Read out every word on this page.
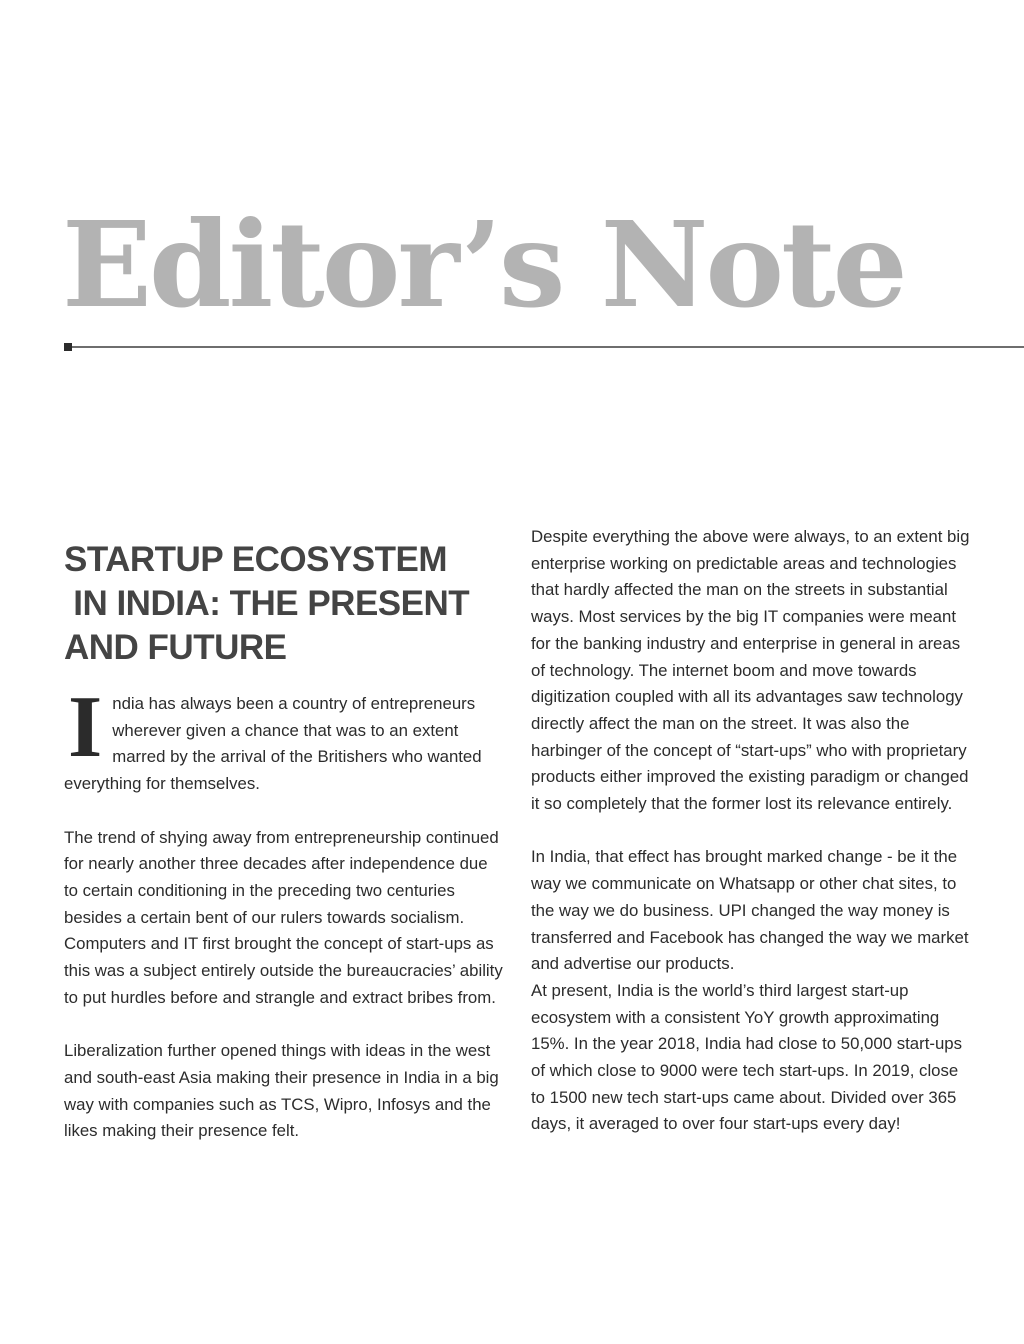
Editor’s Note
STARTUP ECOSYSTEM
IN INDIA: THE PRESENT
AND FUTURE

India has always been a country of entrepreneurs wherever given a chance that was to an extent marred by the arrival of the Britishers who wanted everything for themselves.

The trend of shying away from entrepreneurship continued for nearly another three decades after independence due to certain conditioning in the preceding two centuries besides a certain bent of our rulers towards socialism. Computers and IT first brought the concept of start-ups as this was a subject entirely outside the bureaucracies’ ability to put hurdles before and strangle and extract bribes from.

Liberalization further opened things with ideas in the west and south-east Asia making their presence in India in a big way with companies such as TCS, Wipro, Infosys and the likes making their presence felt.

Despite everything the above were always, to an extent big enterprise working on predictable areas and technologies that hardly affected the man on the streets in substantial ways. Most services by the big IT companies were meant for the banking industry and enterprise in general in areas of technology. The internet boom and move towards digitization coupled with all its advantages saw technology directly affect the man on the street. It was also the harbinger of the concept of “start-ups” who with proprietary products either improved the existing paradigm or changed it so completely that the former lost its relevance entirely.

In India, that effect has brought marked change - be it the way we communicate on Whatsapp or other chat sites, to the way we do business. UPI changed the way money is transferred and Facebook has changed the way we market and advertise our products.

At present, India is the world’s third largest start-up ecosystem with a consistent YoY growth approximating 15%. In the year 2018, India had close to 50,000 start-ups of which close to 9000 were tech start-ups. In 2019, close to 1500 new tech start-ups came about. Divided over 365 days, it averaged to over four start-ups every day!
